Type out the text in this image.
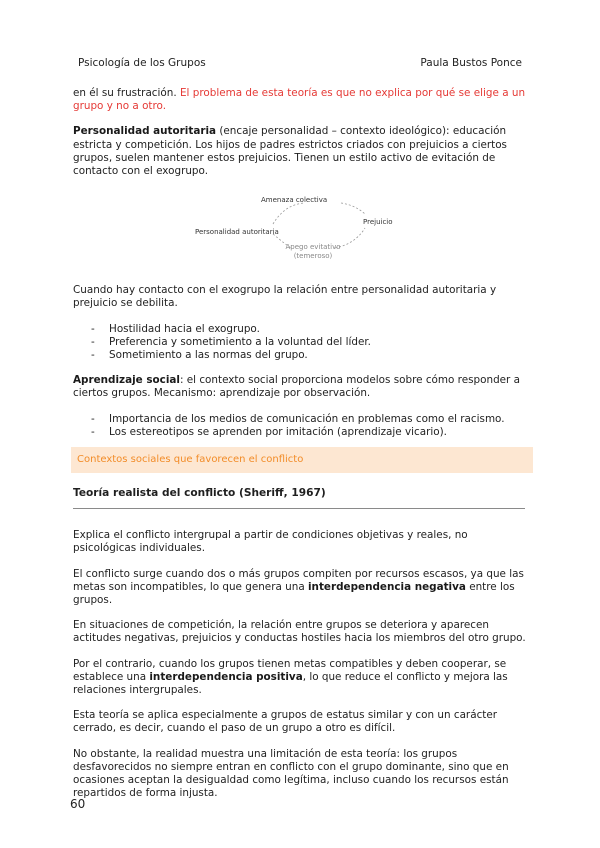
Psicología de los Grupos	Paula Bustos Ponce

en él su frustración. El problema de esta teoría es que no explica por qué se elige a un grupo y no a otro.

Personalidad autoritaria (encaje personalidad – contexto ideológico): educación estricta y competición. Los hijos de padres estrictos criados con prejuicios a ciertos grupos, suelen mantener estos prejuicios. Tienen un estilo activo de evitación de contacto con el exogrupo.

Amenaza colectiva
Prejuicio
Personalidad autoritaria
Apego evitativo
(temeroso)

Cuando hay contacto con el exogrupo la relación entre personalidad autoritaria y prejuicio se debilita.

- Hostilidad hacia el exogrupo.
- Preferencia y sometimiento a la voluntad del líder.
- Sometimiento a las normas del grupo.

Aprendizaje social: el contexto social proporciona modelos sobre cómo responder a ciertos grupos. Mecanismo: aprendizaje por observación.

- Importancia de los medios de comunicación en problemas como el racismo.
- Los estereotipos se aprenden por imitación (aprendizaje vicario).
Contextos sociales que favorecen el conflicto
Teoría realista del conflicto (Sheriff, 1967)

Explica el conflicto intergrupal a partir de condiciones objetivas y reales, no psicológicas individuales.

El conflicto surge cuando dos o más grupos compiten por recursos escasos, ya que las metas son incompatibles, lo que genera una interdependencia negativa entre los grupos.

En situaciones de competición, la relación entre grupos se deteriora y aparecen actitudes negativas, prejuicios y conductas hostiles hacia los miembros del otro grupo.

Por el contrario, cuando los grupos tienen metas compatibles y deben cooperar, se establece una interdependencia positiva, lo que reduce el conflicto y mejora las relaciones intergrupales.

Esta teoría se aplica especialmente a grupos de estatus similar y con un carácter cerrado, es decir, cuando el paso de un grupo a otro es difícil.

No obstante, la realidad muestra una limitación de esta teoría: los grupos desfavorecidos no siempre entran en conflicto con el grupo dominante, sino que en ocasiones aceptan la desigualdad como legítima, incluso cuando los recursos están repartidos de forma injusta.

60
